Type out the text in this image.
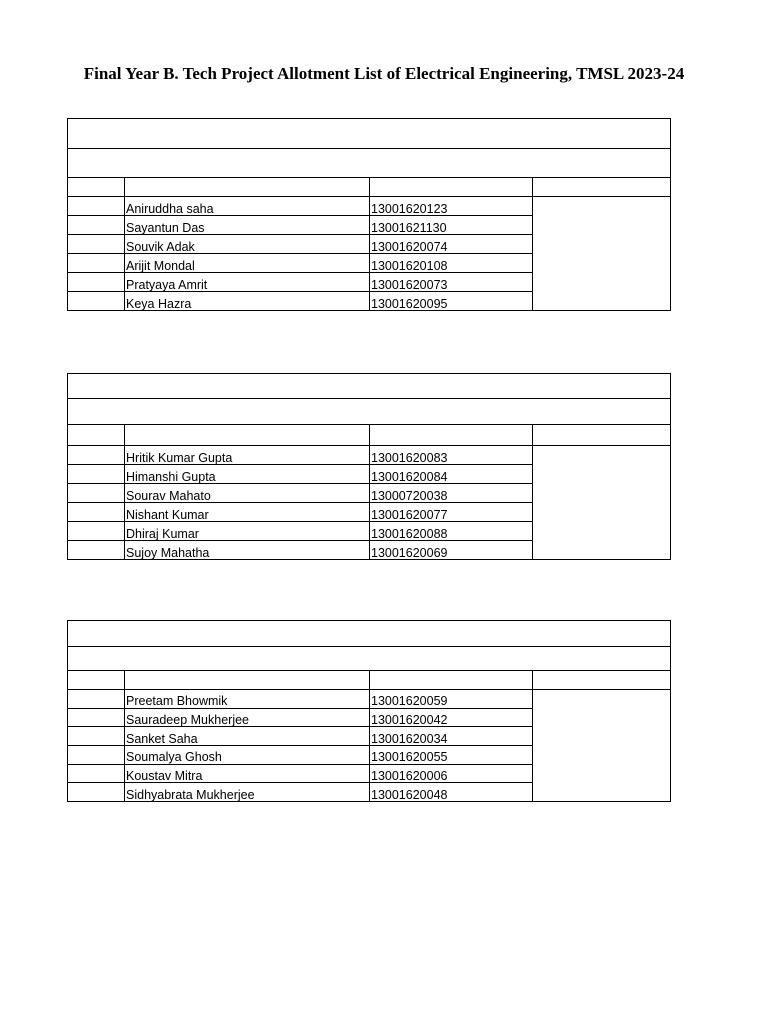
Final Year B. Tech Project Allotment List of Electrical Engineering, TMSL 2023-24

	Aniruddha saha	13001620123	
	Sayantun Das	13001621130	
	Souvik Adak	13001620074	
	Arijit Mondal	13001620108	
	Pratyaya Amrit	13001620073	
	Keya Hazra	13001620095	

	Hritik Kumar Gupta	13001620083	
	Himanshi Gupta	13001620084	
	Sourav Mahato	13000720038	
	Nishant Kumar	13001620077	
	Dhiraj Kumar	13001620088	
	Sujoy Mahatha	13001620069	

	Preetam Bhowmik	13001620059	
	Sauradeep Mukherjee	13001620042	
	Sanket Saha	13001620034	
	Soumalya Ghosh	13001620055	
	Koustav Mitra	13001620006	
	Sidhyabrata Mukherjee	13001620048	
